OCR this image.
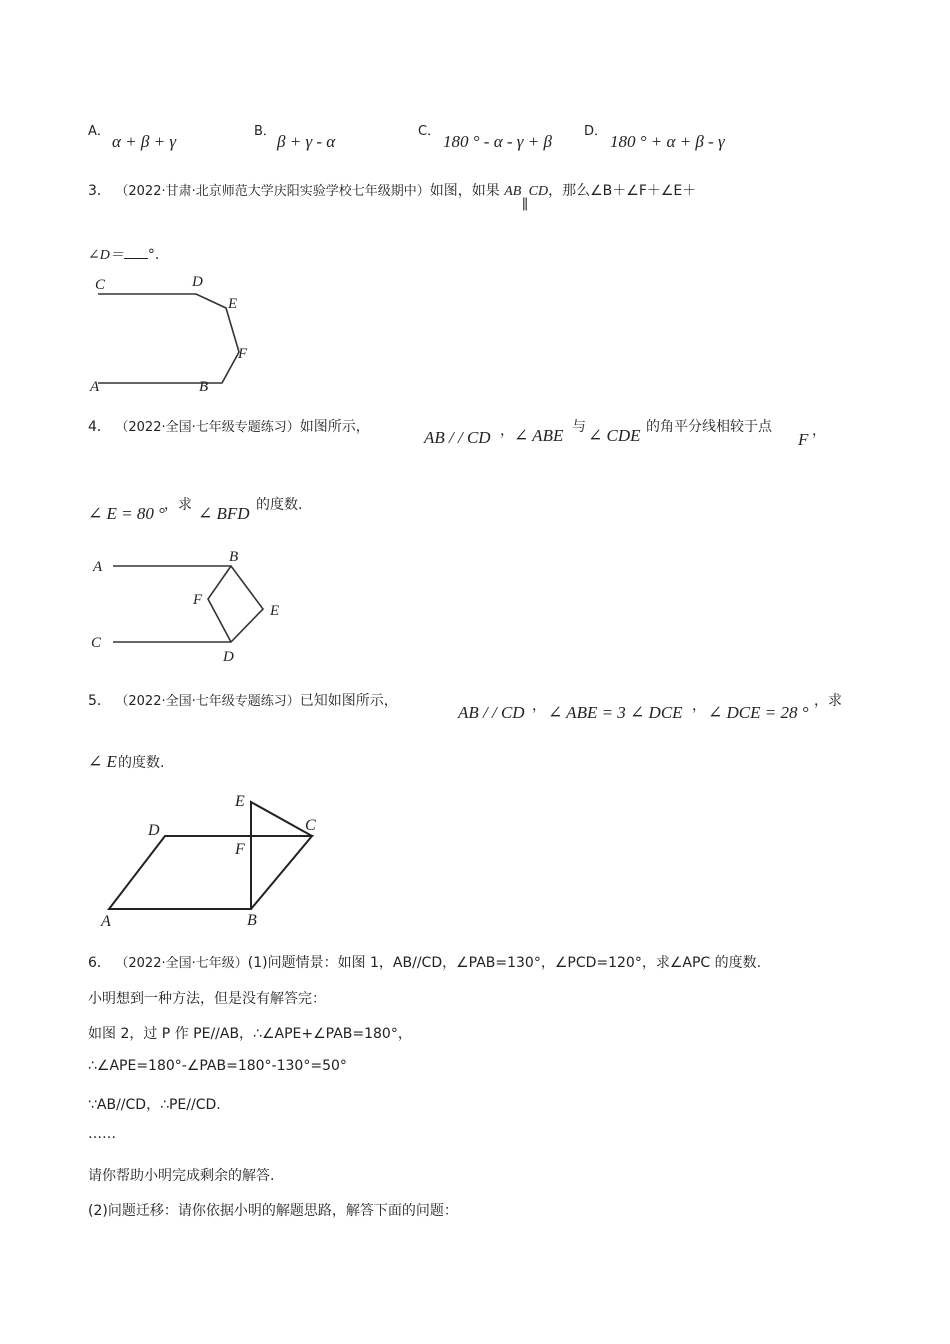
A．
α + β + γ
B．
β + γ - α
C．
180 ° - α - γ + β
D．
180 ° + α + β - γ
3． （2022·甘肃·北京师范大学庆阳实验学校七年级期中）如图，如果 AB ∥ CD，那么∠B＋∠F＋∠E＋
∠D＝ °.
C	D
E
F
A	B
4． （2022·全国·七年级专题练习）如图所示，
AB / / CD ， ∠ ABE 与 ∠ CDE 的角平分线相较于点
F ，
∠ E = 80 ° ，求 ∠ BFD 的度数.
A
B
F
E
C
D
5． （2022·全国·七年级专题练习）已知如图所示，
AB / / CD ， ∠ ABE = 3 ∠ DCE ， ∠ DCE = 28 °
，求
∠ E 的度数.
E
D	C
F
A	B
6． （2022·全国·七年级）(1)问题情景：如图 1，AB//CD，∠PAB=130°，∠PCD=120°，求∠APC 的度数.
小明想到一种方法，但是没有解答完：
如图 2，过 P 作 PE//AB，∴∠APE+∠PAB=180°，
∴∠APE=180°-∠PAB=180°-130°=50°
∵AB//CD，∴PE//CD.
……
请你帮助小明完成剩余的解答.
(2)问题迁移：请你依据小明的解题思路，解答下面的问题：
